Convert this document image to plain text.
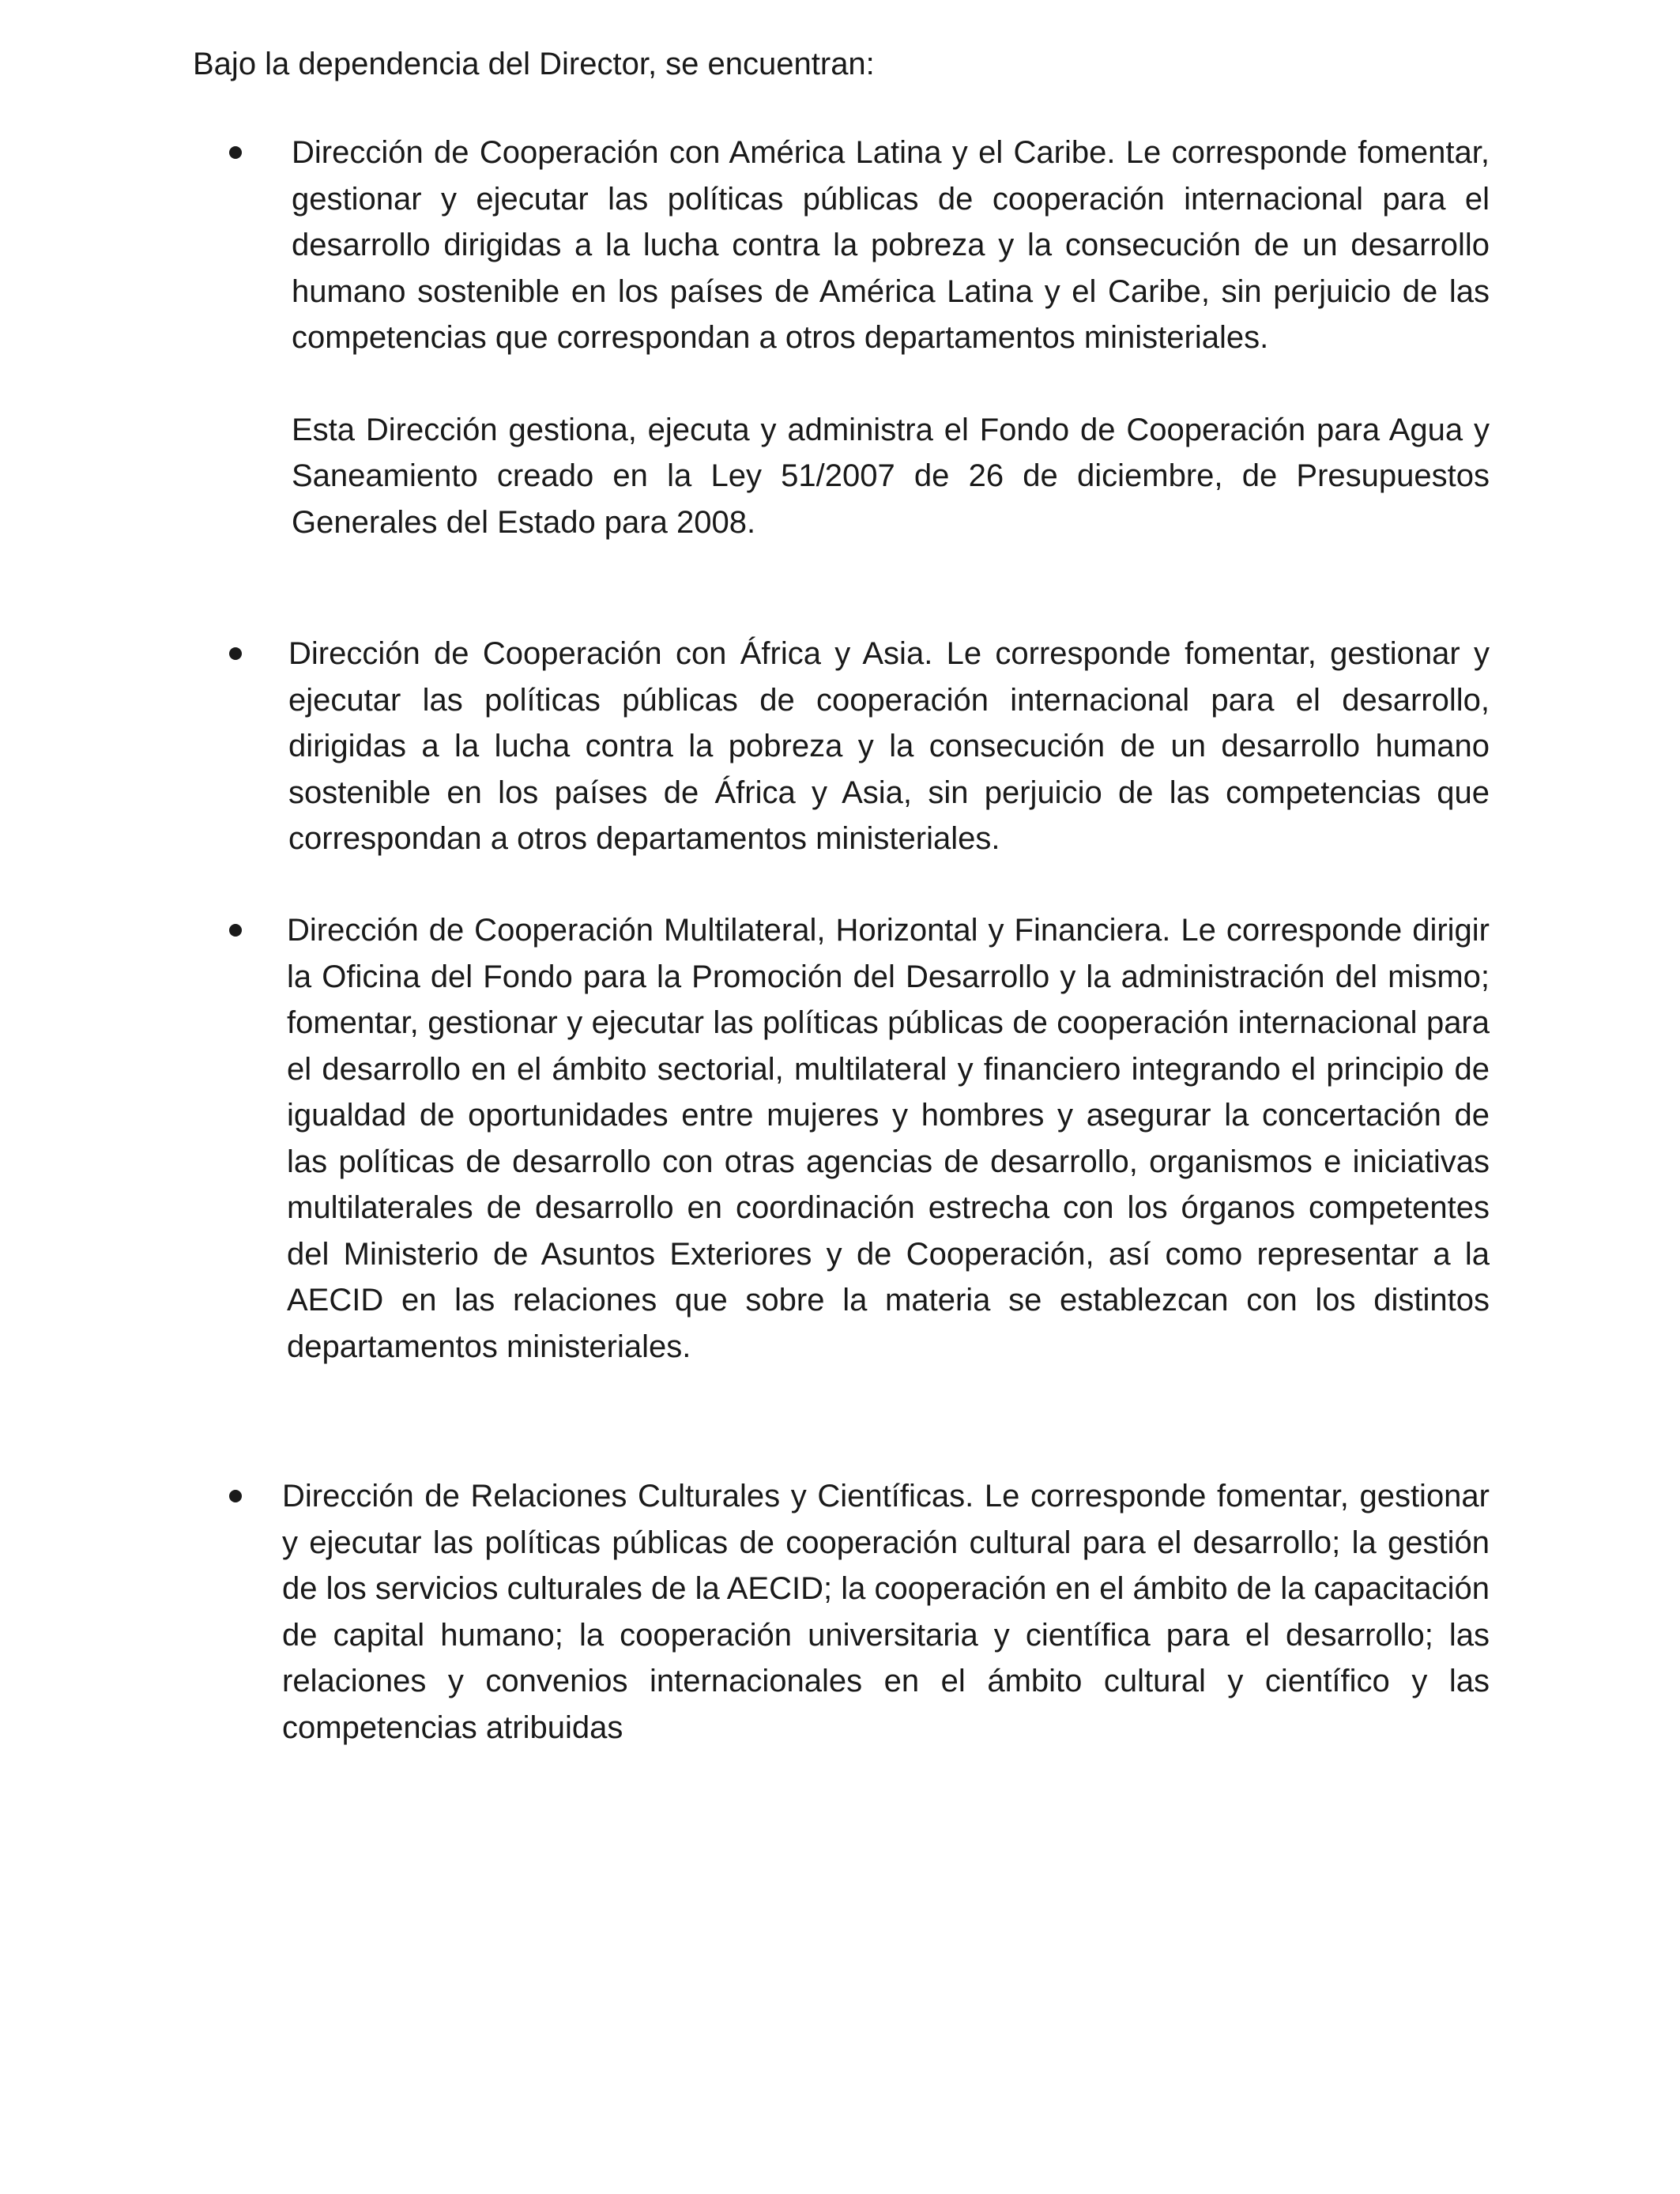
Bajo la dependencia del Director, se encuentran:

Dirección de Cooperación con América Latina y el Caribe. Le corresponde fomentar, gestionar y ejecutar las políticas públicas de cooperación internacional para el desarrollo dirigidas a la lucha contra la pobreza y la consecución de un desarrollo humano sostenible en los países de América Latina y el Caribe, sin perjuicio de las competencias que correspondan a otros departamentos ministeriales.

Esta Dirección gestiona, ejecuta y administra el Fondo de Cooperación para Agua y Saneamiento creado en la Ley 51/2007 de 26 de diciembre, de Presupuestos Generales del Estado para 2008.

Dirección de Cooperación con África y Asia. Le corresponde fomentar, gestionar y ejecutar las políticas públicas de cooperación internacional para el desarrollo, dirigidas a la lucha contra la pobreza y la consecución de un desarrollo humano sostenible en los países de África y Asia, sin perjuicio de las competencias que correspondan a otros departamentos ministeriales.

Dirección de Cooperación Multilateral, Horizontal y Financiera. Le corresponde dirigir la Oficina del Fondo para la Promoción del Desarrollo y la administración del mismo; fomentar, gestionar y ejecutar las políticas públicas de cooperación internacional para el desarrollo en el ámbito sectorial, multilateral y financiero integrando el principio de igualdad de oportunidades entre mujeres y hombres y asegurar la concertación de las políticas de desarrollo con otras agencias de desarrollo, organismos e iniciativas multilaterales de desarrollo en coordinación estrecha con los órganos competentes del Ministerio de Asuntos Exteriores y de Cooperación, así como representar a la AECID en las relaciones que sobre la materia se establezcan con los distintos departamentos ministeriales.

Dirección de Relaciones Culturales y Científicas. Le corresponde fomentar, gestionar y ejecutar las políticas públicas de cooperación cultural para el desarrollo; la gestión de los servicios culturales de la AECID; la cooperación en el ámbito de la capacitación de capital humano; la cooperación universitaria y científica para el desarrollo; las relaciones y convenios internacionales en el ámbito cultural y científico y las competencias atribuidas
